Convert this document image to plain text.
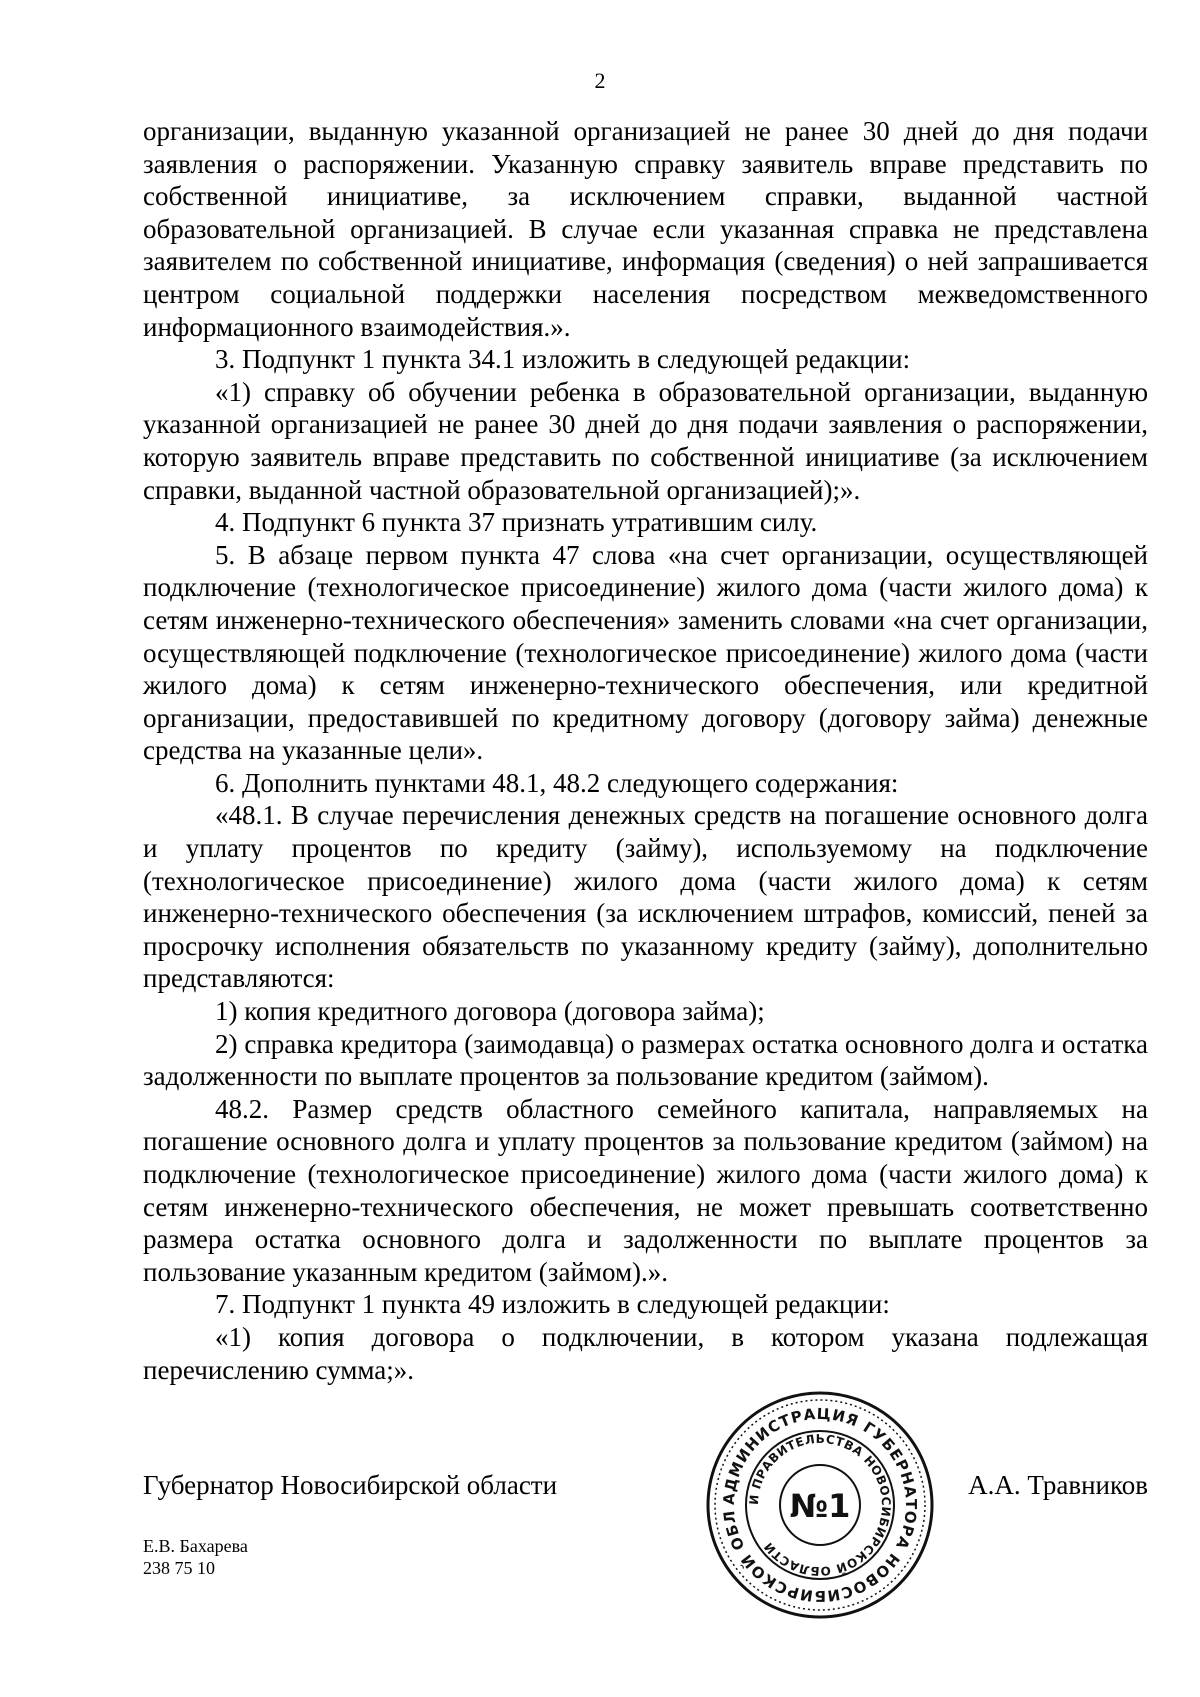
2

организации, выданную указанной организацией не ранее 30 дней до дня подачи заявления о распоряжении. Указанную справку заявитель вправе представить по собственной инициативе, за исключением справки, выданной частной образовательной организацией. В случае если указанная справка не представлена заявителем по собственной инициативе, информация (сведения) о ней запрашивается центром социальной поддержки населения посредством межведомственного информационного взаимодействия.».

3. Подпункт 1 пункта 34.1 изложить в следующей редакции:

«1) справку об обучении ребенка в образовательной организации, выданную указанной организацией не ранее 30 дней до дня подачи заявления о распоряжении, которую заявитель вправе представить по собственной инициативе (за исключением справки, выданной частной образовательной организацией);».

4. Подпункт 6 пункта 37 признать утратившим силу.

5. В абзаце первом пункта 47 слова «на счет организации, осуществляющей подключение (технологическое присоединение) жилого дома (части жилого дома) к сетям инженерно-технического обеспечения» заменить словами «на счет организации, осуществляющей подключение (технологическое присоединение) жилого дома (части жилого дома) к сетям инженерно-технического обеспечения, или кредитной организации, предоставившей по кредитному договору (договору займа) денежные средства на указанные цели».

6. Дополнить пунктами 48.1, 48.2 следующего содержания:

«48.1. В случае перечисления денежных средств на погашение основного долга и уплату процентов по кредиту (займу), используемому на подключение (технологическое присоединение) жилого дома (части жилого дома) к сетям инженерно-технического обеспечения (за исключением штрафов, комиссий, пеней за просрочку исполнения обязательств по указанному кредиту (займу), дополнительно представляются:

1) копия кредитного договора (договора займа);

2) справка кредитора (заимодавца) о размерах остатка основного долга и остатка задолженности по выплате процентов за пользование кредитом (займом).

48.2. Размер средств областного семейного капитала, направляемых на погашение основного долга и уплату процентов за пользование кредитом (займом) на подключение (технологическое присоединение) жилого дома (части жилого дома) к сетям инженерно-технического обеспечения, не может превышать соответственно размера остатка основного долга и задолженности по выплате процентов за пользование указанным кредитом (займом).».

7. Подпункт 1 пункта 49 изложить в следующей редакции:

«1) копия договора о подключении, в котором указана подлежащая перечислению сумма;».

Губернатор Новосибирской области	А.А. Травников
АДМИНИСТРАЦИЯ ГУБЕРНАТОРА НОВОСИБИРСКОЙ ОБЛ
И ПРАВИТЕЛЬСТВА НОВОСИБИРСКОЙ ОБЛАСТИ
№1
Е.В. Бахарева
238 75 10
